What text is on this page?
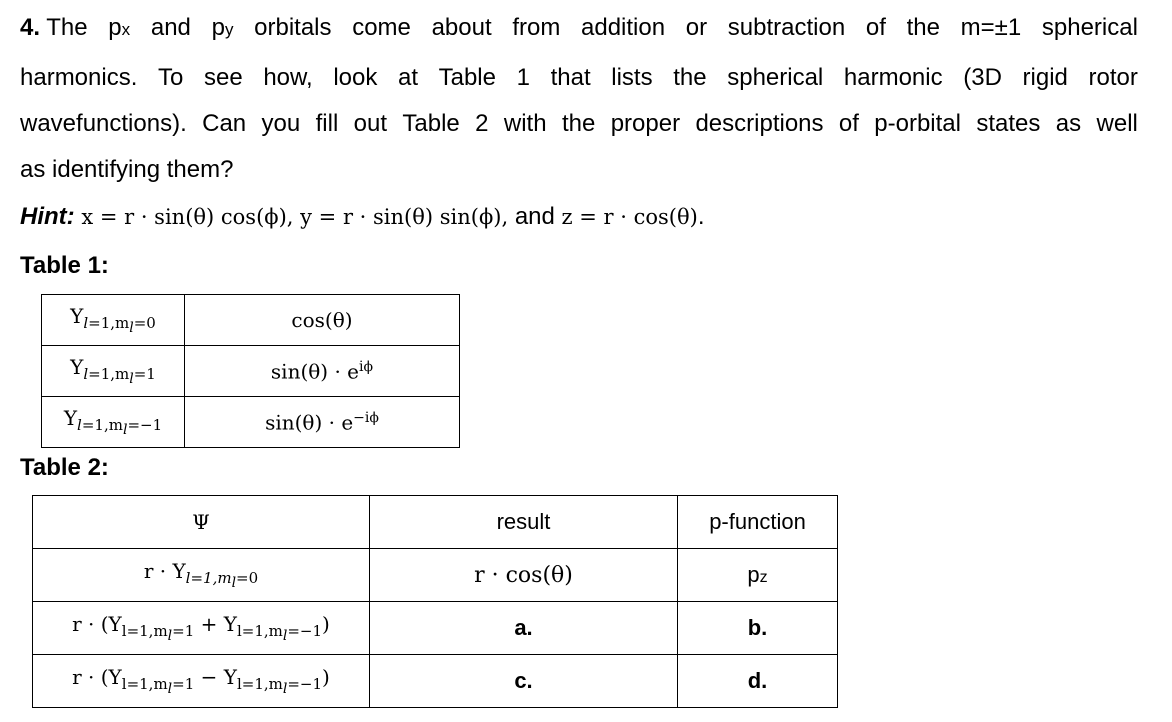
4. The px and py orbitals come about from addition or subtraction of the m=±1 spherical
harmonics. To see how, look at Table 1 that lists the spherical harmonic (3D rigid rotor
wavefunctions). Can you fill out Table 2 with the proper descriptions of p-orbital states as well
as identifying them?
Hint: x = r · sin(θ) cos(ϕ), y = r · sin(θ) sin(ϕ), and z = r · cos(θ).
Table 1:
$Y_{l=1,m_l=0}$	cos(θ)
$Y_{l=1,m_l=1}$	$\sin(\theta) \cdot e^{i\phi}$
$Y_{l=1,m_l=-1}$	$\sin(\theta) \cdot e^{-i\phi}$
Table 2:
Ψ	result	p-function
$r \cdot Y_{l=1,m_l=0}$	r · cos(θ)	pz
$r \cdot (Y_{l=1,m_l=1} + Y_{l=1,m_l=-1})$	a.	b.
$r \cdot (Y_{l=1,m_l=1} - Y_{l=1,m_l=-1})$	c.	d.
